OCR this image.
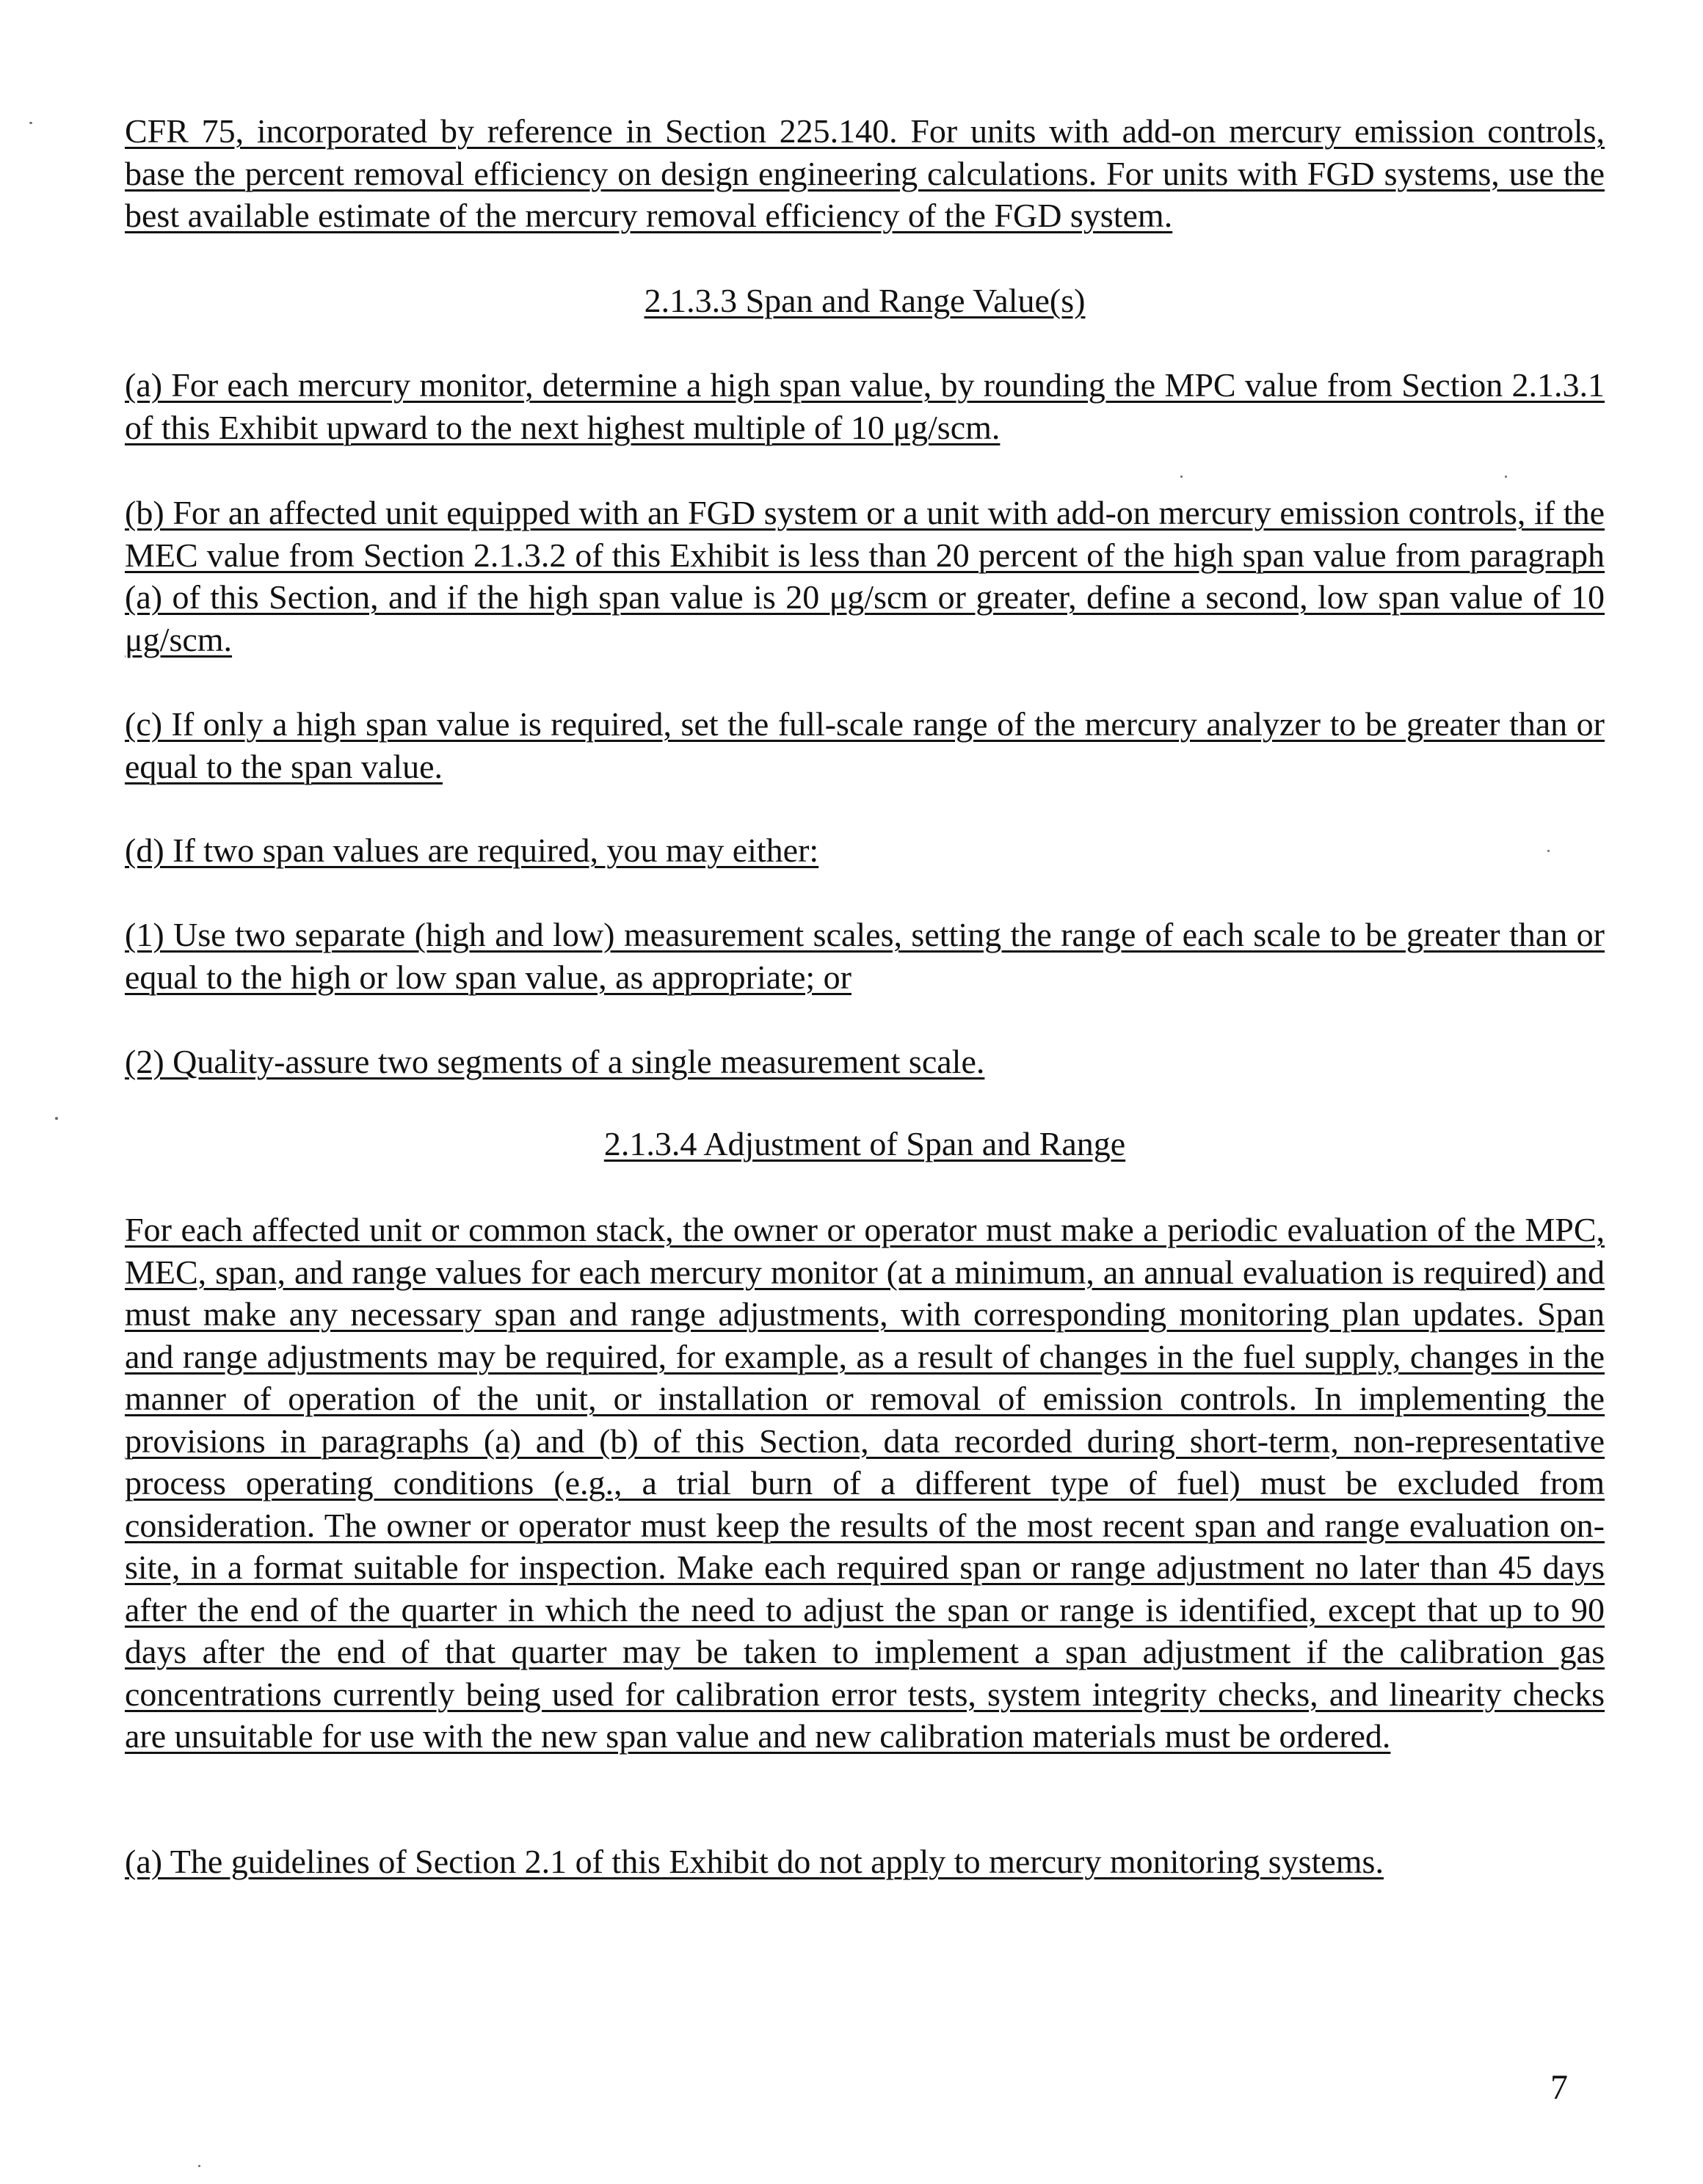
CFR 75, incorporated by reference in Section 225.140. For units with add-on mercury emission controls, base the percent removal efficiency on design engineering calculations. For units with FGD systems, use the best available estimate of the mercury removal efficiency of the FGD system.

2.1.3.3 Span and Range Value(s)

(a) For each mercury monitor, determine a high span value, by rounding the MPC value from Section 2.1.3.1 of this Exhibit upward to the next highest multiple of 10 μg/scm.

(b) For an affected unit equipped with an FGD system or a unit with add-on mercury emission controls, if the MEC value from Section 2.1.3.2 of this Exhibit is less than 20 percent of the high span value from paragraph (a) of this Section, and if the high span value is 20 μg/scm or greater, define a second, low span value of 10 μg/scm.

(c) If only a high span value is required, set the full-scale range of the mercury analyzer to be greater than or equal to the span value.

(d) If two span values are required, you may either:

(1) Use two separate (high and low) measurement scales, setting the range of each scale to be greater than or equal to the high or low span value, as appropriate; or

(2) Quality-assure two segments of a single measurement scale.

2.1.3.4 Adjustment of Span and Range

For each affected unit or common stack, the owner or operator must make a periodic evaluation of the MPC, MEC, span, and range values for each mercury monitor (at a minimum, an annual evaluation is required) and must make any necessary span and range adjustments, with corresponding monitoring plan updates. Span and range adjustments may be required, for example, as a result of changes in the fuel supply, changes in the manner of operation of the unit, or installation or removal of emission controls. In implementing the provisions in paragraphs (a) and (b) of this Section, data recorded during short-term, non-representative process operating conditions (e.g., a trial burn of a different type of fuel) must be excluded from consideration. The owner or operator must keep the results of the most recent span and range evaluation on-site, in a format suitable for inspection. Make each required span or range adjustment no later than 45 days after the end of the quarter in which the need to adjust the span or range is identified, except that up to 90 days after the end of that quarter may be taken to implement a span adjustment if the calibration gas concentrations currently being used for calibration error tests, system integrity checks, and linearity checks are unsuitable for use with the new span value and new calibration materials must be ordered.

(a) The guidelines of Section 2.1 of this Exhibit do not apply to mercury monitoring systems.

7
